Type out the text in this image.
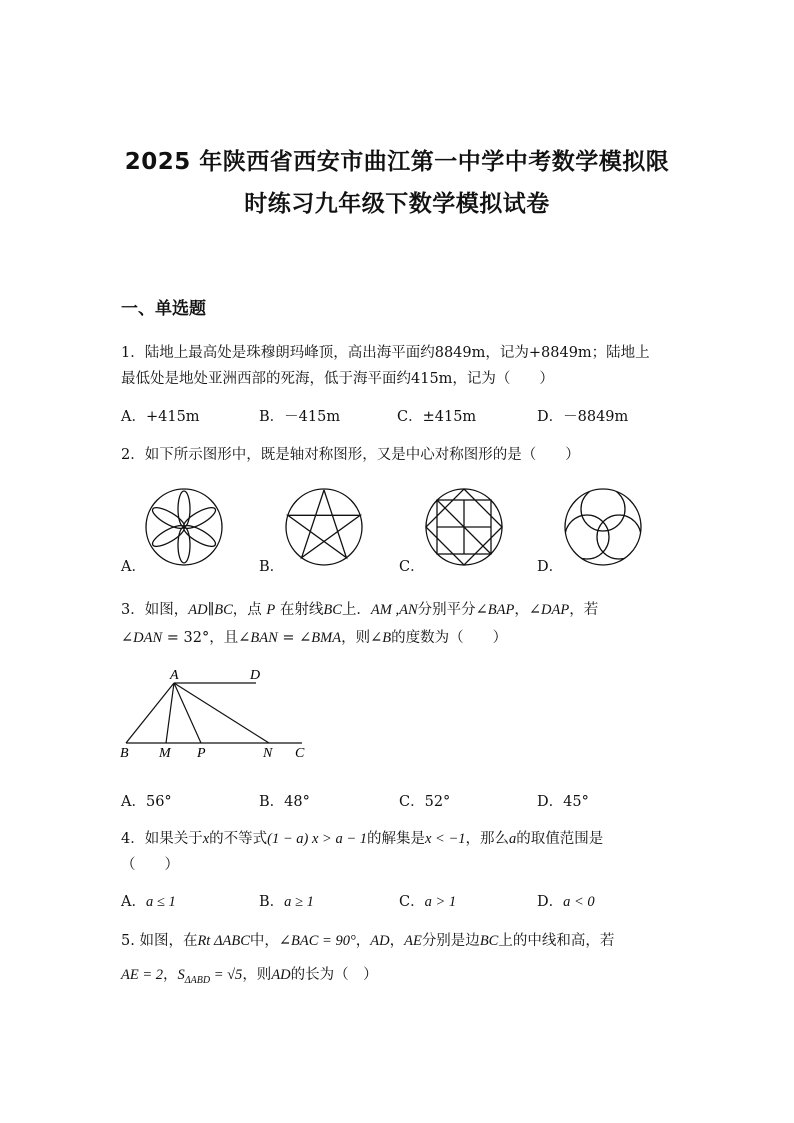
2025 年陕西省西安市曲江第一中学中考数学模拟限
时练习九年级下数学模拟试卷
一、单选题
1．陆地上最高处是珠穆朗玛峰顶，高出海平面约8849m，记为+8849m；陆地上
最低处是地处亚洲西部的死海，低于海平面约415m，记为（　　）
A．+415m	B．－415m	C．±415m	D．－8849m
2．如下所示图形中，既是轴对称图形，又是中心对称图形的是（　　）
A．	B．	C．	D．
3．如图，AD∥BC，点 P 在射线BC上．AM ,AN分别平分∠BAP，∠DAP，若
∠DAN = 32°，且∠BAN = ∠BMA，则∠B的度数为（　　）
A	D
B M P	N C
A．56°	B．48°	C．52°	D．45°
4．如果关于x的不等式(1 − a) x > a − 1的解集是x < −1，那么a的取值范围是
（　　）
A．a ≤ 1	B．a ≥ 1	C．a > 1	D．a < 0
5. 如图，在Rt ΔABC中，∠BAC = 90°，AD，AE分别是边BC上的中线和高，若
AE = 2，$S_{\Delta ABD} = √5$，则AD的长为（　）
